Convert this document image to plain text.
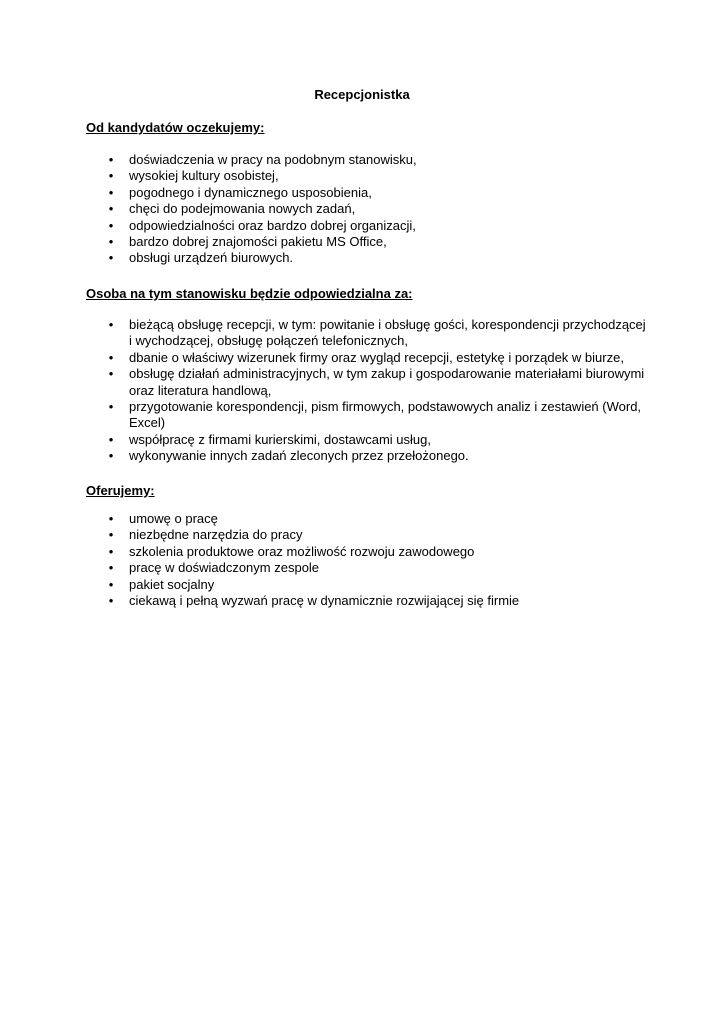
Recepcjonistka
Od kandydatów oczekujemy:
• doświadczenia w pracy na podobnym stanowisku,
• wysokiej kultury osobistej,
• pogodnego i dynamicznego usposobienia,
• chęci do podejmowania nowych zadań,
• odpowiedzialności oraz bardzo dobrej organizacji,
• bardzo dobrej znajomości pakietu MS Office,
• obsługi urządzeń biurowych.
Osoba na tym stanowisku będzie odpowiedzialna za:
• bieżącą obsługę recepcji, w tym: powitanie i obsługę gości, korespondencji przychodzącej i wychodzącej, obsługę połączeń telefonicznych,
• dbanie o właściwy wizerunek firmy oraz wygląd recepcji, estetykę i porządek w biurze,
• obsługę działań administracyjnych, w tym zakup i gospodarowanie materiałami biurowymi oraz literatura handlową,
• przygotowanie korespondencji, pism firmowych, podstawowych analiz i zestawień (Word, Excel)
• współpracę z firmami kurierskimi, dostawcami usług,
• wykonywanie innych zadań zleconych przez przełożonego.
Oferujemy:
• umowę o pracę
• niezbędne narzędzia do pracy
• szkolenia produktowe oraz możliwość rozwoju zawodowego
• pracę w doświadczonym zespole
• pakiet socjalny
• ciekawą i pełną wyzwań pracę w dynamicznie rozwijającej się firmie
